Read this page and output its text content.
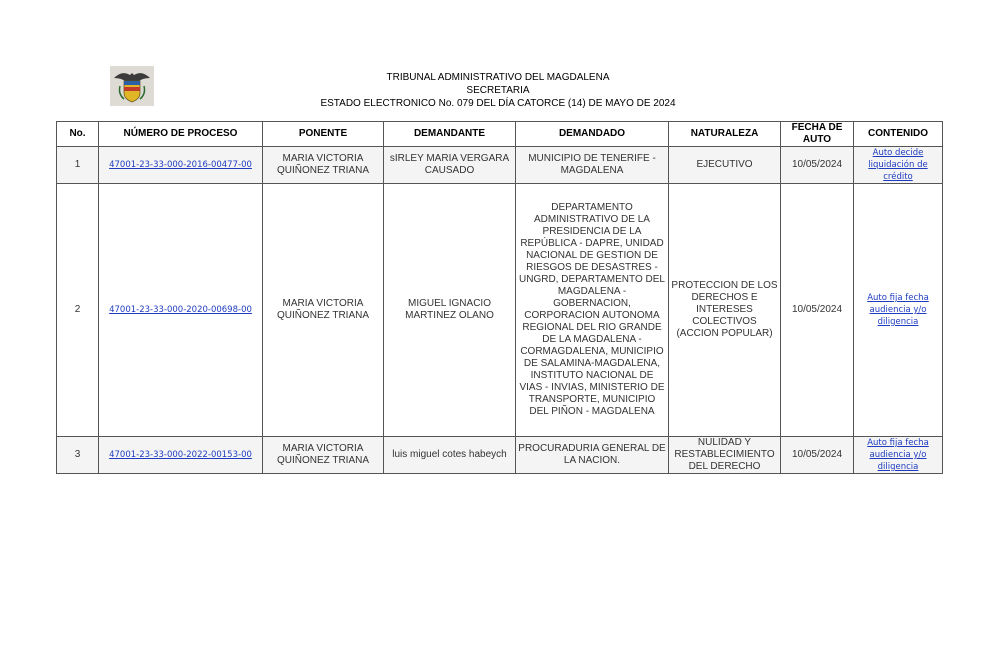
TRIBUNAL ADMINISTRATIVO DEL MAGDALENA
SECRETARIA
ESTADO ELECTRONICO No. 079 DEL DÍA CATORCE (14) DE MAYO DE 2024
No.	NÚMERO DE PROCESO	PONENTE	DEMANDANTE	DEMANDADO	NATURALEZA	FECHA DE AUTO	CONTENIDO
1	47001-23-33-000-2016-00477-00	MARIA VICTORIA QUIÑONEZ TRIANA	sIRLEY MARIA VERGARA CAUSADO	MUNICIPIO DE TENERIFE - MAGDALENA	EJECUTIVO	10/05/2024	Auto decide liquidación de crédito

2	47001-23-33-000-2020-00698-00	MARIA VICTORIA QUIÑONEZ TRIANA	MIGUEL IGNACIO MARTINEZ OLANO	DEPARTAMENTO ADMINISTRATIVO DE LA PRESIDENCIA DE LA REPÚBLICA - DAPRE, UNIDAD NACIONAL DE GESTION DE RIESGOS DE DESASTRES - UNGRD, DEPARTAMENTO DEL MAGDALENA - GOBERNACION, CORPORACION AUTONOMA REGIONAL DEL RIO GRANDE DE LA MAGDALENA - CORMAGDALENA, MUNICIPIO DE SALAMINA-MAGDALENA, INSTITUTO NACIONAL DE VIAS - INVIAS, MINISTERIO DE TRANSPORTE, MUNICIPIO DEL PIÑON - MAGDALENA	PROTECCION DE LOS DERECHOS E INTERESES COLECTIVOS (ACCION POPULAR)	10/05/2024	Auto fija fecha audiencia y/o diligencia

3	47001-23-33-000-2022-00153-00	MARIA VICTORIA QUIÑONEZ TRIANA	luis miguel cotes habeych	PROCURADURIA GENERAL DE LA NACION.	NULIDAD Y RESTABLECIMIENTO DEL DERECHO	10/05/2024	Auto fija fecha audiencia y/o diligencia
